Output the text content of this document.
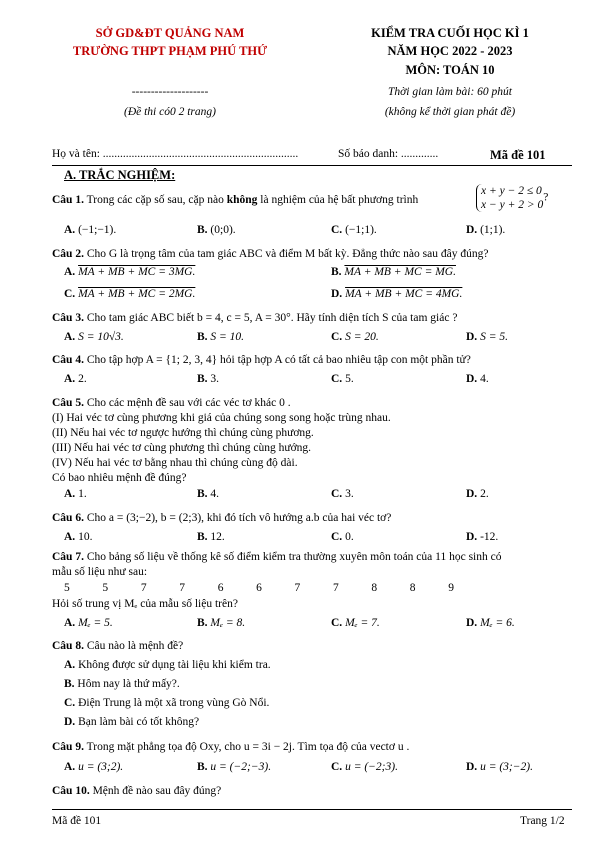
SỞ GD&ĐT QUẢNG NAM
TRƯỜNG THPT PHẠM PHÚ THỨ
--------------------
(Đề thi có0 2 trang)
KIỂM TRA CUỐI HỌC KÌ 1
NĂM HỌC 2022 - 2023
MÔN: TOÁN 10
Thời gian làm bài: 60 phút
(không kể thời gian phát đề)
Họ và tên: ....................................................................	Số báo danh: .............	Mã đề 101
A. TRẮC NGHIỆM:
Câu 1. Trong các cặp số sau, cặp nào không là nghiệm của hệ bất phương trình
x + y − 2 ≤ 0
x − y + 2 > 0?
A. (−1;−1).	B. (0;0).	C. (−1;1).	D. (1;1).
Câu 2. Cho G là trọng tâm của tam giác ABC và điểm M bất kỳ. Đẳng thức nào sau đây đúng?
A. MA + MB + MC = 3MG.	B. MA + MB + MC = MG.
C. MA + MB + MC = 2MG.	D. MA + MB + MC = 4MG.
Câu 3. Cho tam giác ABC biết b = 4, c = 5, A = 30°. Hãy tính diện tích S của tam giác ?
A. S = 10√3.	B. S = 10.	C. S = 20.	D. S = 5.
Câu 4. Cho tập hợp A = {1; 2, 3, 4} hỏi tập hợp A có tất cả bao nhiêu tập con một phần tử?
A. 2.	B. 3.	C. 5.	D. 4.
Câu 5. Cho các mệnh đề sau với các véc tơ khác 0 .
(I) Hai véc tơ cùng phương khi giá của chúng song song hoặc trùng nhau.
(II) Nếu hai véc tơ ngược hướng thì chúng cùng phương.
(III) Nếu hai véc tơ cùng phương thì chúng cùng hướng.
(IV) Nếu hai véc tơ bằng nhau thì chúng cùng độ dài.
Có bao nhiêu mệnh đề đúng?
A. 1.	B. 4.	C. 3.	D. 2.
Câu 6. Cho a = (3;−2), b = (2;3), khi đó tích vô hướng a.b của hai véc tơ?
A. 10.	B. 12.	C. 0.	D. -12.
Câu 7. Cho bảng số liệu về thống kê số điểm kiểm tra thường xuyên môn toán của 11 học sinh có
mẫu số liệu như sau:
5	5	7	7	6	6	7	7	8	8	9
Hỏi số trung vị Mₑ của mẫu số liệu trên?
A. Mₑ = 5.	B. Mₑ = 8.	C. Mₑ = 7.	D. Mₑ = 6.
Câu 8. Câu nào là mệnh đề?
A. Không được sử dụng tài liệu khi kiểm tra.
B. Hôm nay là thứ mấy?.
C. Điện Trung là một xã trong vùng Gò Nổi.
D. Bạn làm bài có tốt không?
Câu 9. Trong mặt phẳng tọa độ Oxy, cho u = 3i − 2j. Tìm tọa độ của vectơ u .
A. u = (3;2).	B. u = (−2;−3).	C. u = (−2;3).	D. u = (3;−2).
Câu 10. Mệnh đề nào sau đây đúng?
Mã đề 101	Trang 1/2
